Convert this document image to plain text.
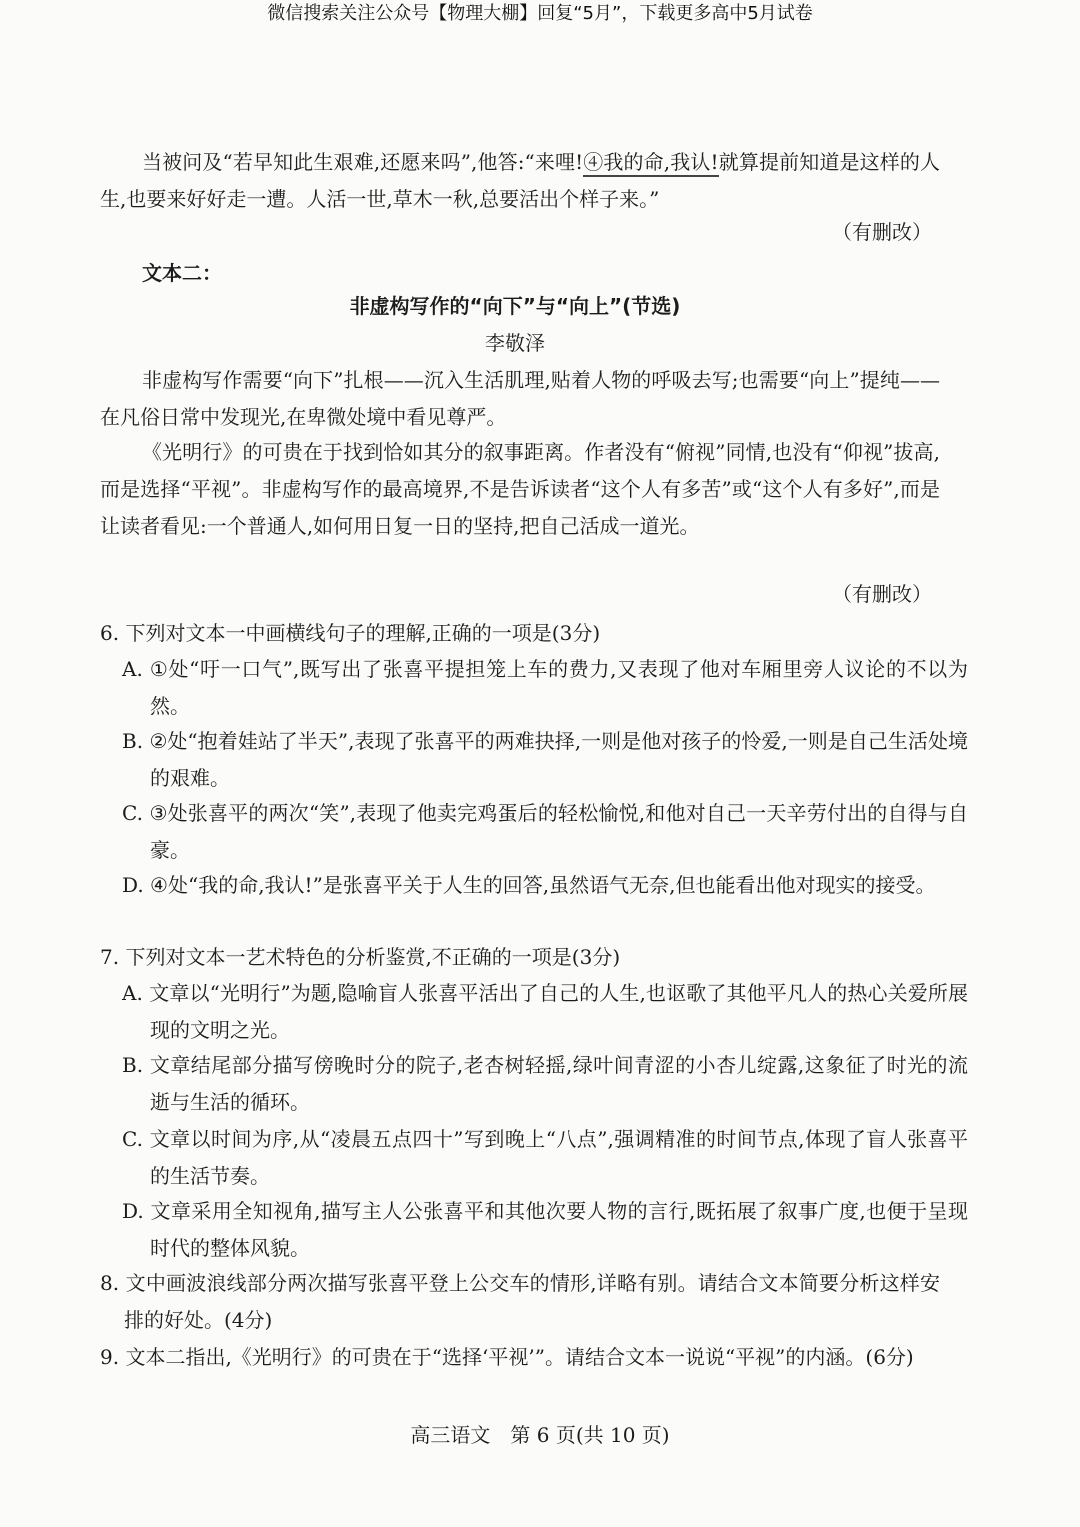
微信搜索关注公众号【物理大棚】回复“5月”，下载更多高中5月试卷

当被问及“若早知此生艰难,还愿来吗”,他答:“来哩!④我的命,我认!就算提前知道是这样的人生,也要来好好走一遭。人活一世,草木一秋,总要活出个样子来。”

（有删改）
文本二：
非虚构写作的“向下”与“向上”(节选)
李敬泽

非虚构写作需要“向下”扎根——沉入生活肌理,贴着人物的呼吸去写;也需要“向上”提纯——在凡俗日常中发现光,在卑微处境中看见尊严。

《光明行》的可贵在于找到恰如其分的叙事距离。作者没有“俯视”同情,也没有“仰视”拔高,而是选择“平视”。非虚构写作的最高境界,不是告诉读者“这个人有多苦”或“这个人有多好”,而是让读者看见:一个普通人,如何用日复一日的坚持,把自己活成一道光。

（有删改）

6. 下列对文本一中画横线句子的理解,正确的一项是(3分)

A. ①处“吁一口气”,既写出了张喜平提担笼上车的费力,又表现了他对车厢里旁人议论的不以为然。

B. ②处“抱着娃站了半天”,表现了张喜平的两难抉择,一则是他对孩子的怜爱,一则是自己生活处境的艰难。

C. ③处张喜平的两次“笑”,表现了他卖完鸡蛋后的轻松愉悦,和他对自己一天辛劳付出的自得与自豪。

D. ④处“我的命,我认!”是张喜平关于人生的回答,虽然语气无奈,但也能看出他对现实的接受。

7. 下列对文本一艺术特色的分析鉴赏,不正确的一项是(3分)

A. 文章以“光明行”为题,隐喻盲人张喜平活出了自己的人生,也讴歌了其他平凡人的热心关爱所展现的文明之光。

B. 文章结尾部分描写傍晚时分的院子,老杏树轻摇,绿叶间青涩的小杏儿绽露,这象征了时光的流逝与生活的循环。

C. 文章以时间为序,从“凌晨五点四十”写到晚上“八点”,强调精准的时间节点,体现了盲人张喜平的生活节奏。

D. 文章采用全知视角,描写主人公张喜平和其他次要人物的言行,既拓展了叙事广度,也便于呈现时代的整体风貌。

8. 文中画波浪线部分两次描写张喜平登上公交车的情形,详略有别。请结合文本简要分析这样安排的好处。(4分)

9. 文本二指出,《光明行》的可贵在于“选择‘平视’”。请结合文本一说说“平视”的内涵。(6分)

高三语文　第 6 页(共 10 页)
